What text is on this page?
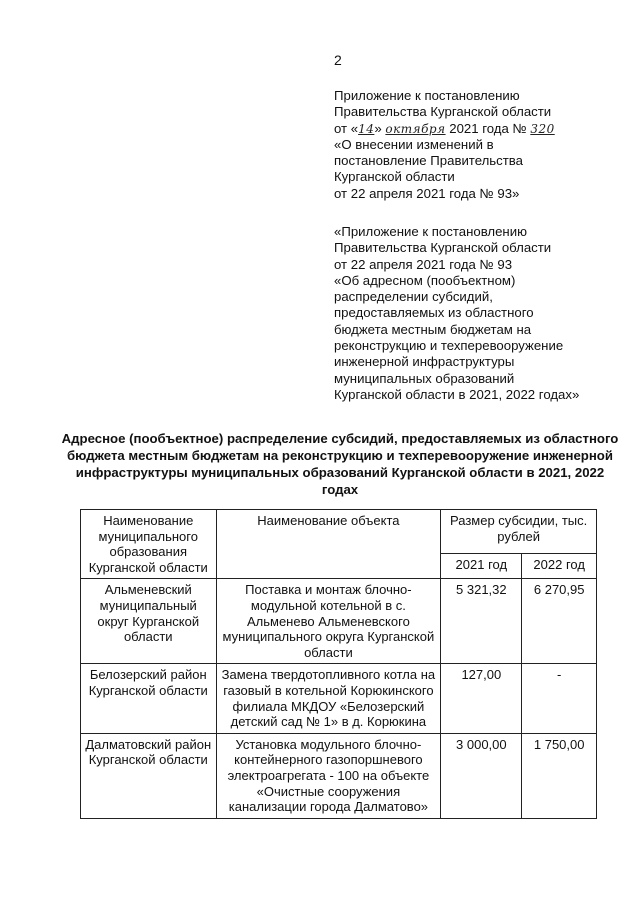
2
Приложение к постановлению
Правительства Курганской области
от «14» октября 2021 года № 320
«О внесении изменений в
постановление Правительства
Курганской области
от 22 апреля 2021 года № 93»
«Приложение к постановлению
Правительства Курганской области
от 22 апреля 2021 года № 93
«Об адресном (пообъектном)
распределении субсидий,
предоставляемых из областного
бюджета местным бюджетам на
реконструкцию и техперевооружение
инженерной инфраструктуры
муниципальных образований
Курганской области в 2021, 2022 годах»
Адресное (пообъектное) распределение субсидий, предоставляемых из областного бюджета местным бюджетам на реконструкцию и техперевооружение инженерной инфраструктуры муниципальных образований Курганской области в 2021, 2022 годах
Наименование муниципального образования Курганской области	Наименование объекта	Размер субсидии, тыс. рублей	
		2021 год	2022 год
Альменевский муниципальный округ Курганской области	Поставка и монтаж блочно-модульной котельной в с. Альменево Альменевского муниципального округа Курганской области	5 321,32	6 270,95
Белозерский район Курганской области	Замена твердотопливного котла на газовый в котельной Корюкинского филиала МКДОУ «Белозерский детский сад № 1» в д. Корюкина	127,00	-
Далматовский район Курганской области	Установка модульного блочно-контейнерного газопоршневого электроагрегата - 100 на объекте «Очистные сооружения канализации города Далматово»	3 000,00	1 750,00
